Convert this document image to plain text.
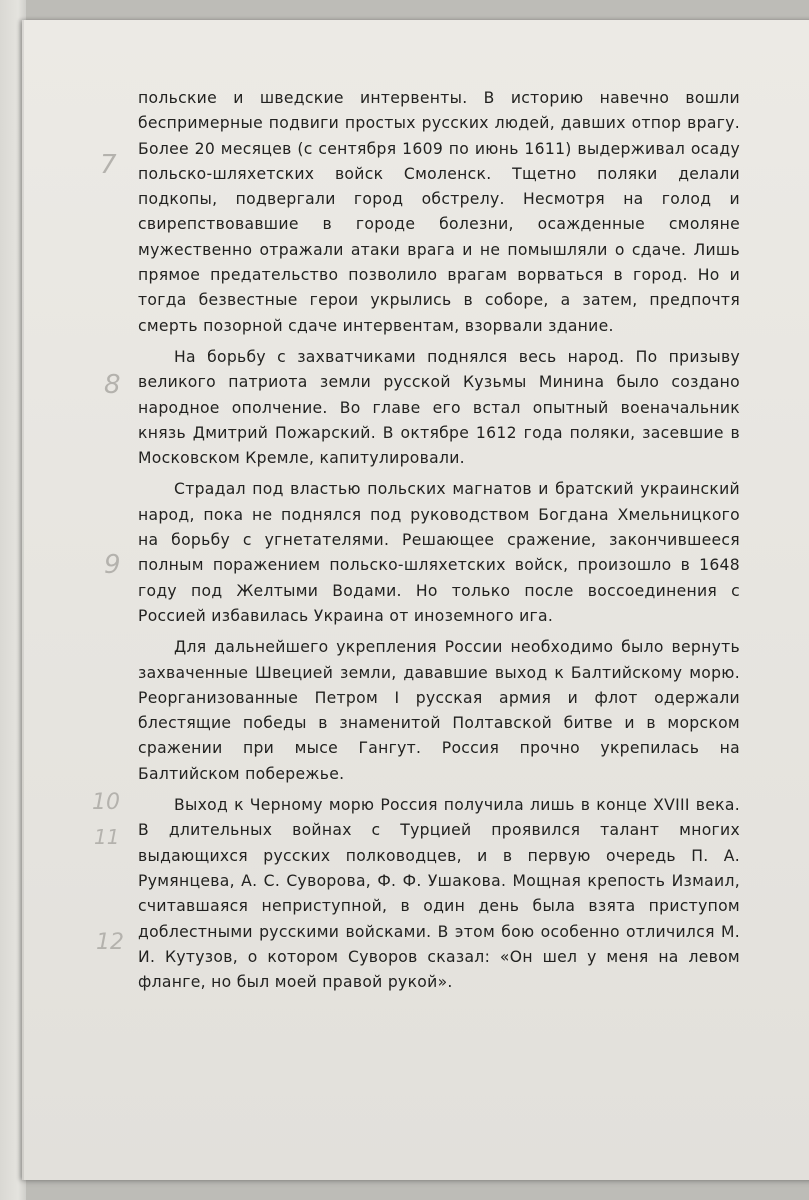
7
8
9
10
11
12

польские и шведские интервенты. В историю навечно вошли беспримерные подвиги простых русских людей, давших отпор врагу. Более 20 месяцев (с сентября 1609 по июнь 1611) выдерживал осаду польско-шляхетских войск Смоленск. Тщетно поляки делали подкопы, подвергали город обстрелу. Несмотря на голод и свирепствовавшие в городе болезни, осажденные смоляне мужественно отражали атаки врага и не помышляли о сдаче. Лишь прямое предательство позволило врагам ворваться в город. Но и тогда безвестные герои укрылись в соборе, а затем, предпочтя смерть позорной сдаче интервентам, взорвали здание.

На борьбу с захватчиками поднялся весь народ. По призыву великого патриота земли русской Кузьмы Минина было создано народное ополчение. Во главе его встал опытный военачальник князь Дмитрий Пожарский. В октябре 1612 года поляки, засевшие в Московском Кремле, капитулировали.

Страдал под властью польских магнатов и братский украинский народ, пока не поднялся под руководством Богдана Хмельницкого на борьбу с угнетателями. Решающее сражение, закончившееся полным поражением польско-шляхетских войск, произошло в 1648 году под Желтыми Водами. Но только после воссоединения с Россией избавилась Украина от иноземного ига.

Для дальнейшего укрепления России необходимо было вернуть захваченные Швецией земли, дававшие выход к Балтийскому морю. Реорганизованные Петром I русская армия и флот одержали блестящие победы в знаменитой Полтавской битве и в морском сражении при мысе Гангут. Россия прочно укрепилась на Балтийском побережье.

Выход к Черному морю Россия получила лишь в конце XVIII века. В длительных войнах с Турцией проявился талант многих выдающихся русских полководцев, и в первую очередь П. А. Румянцева, А. С. Суворова, Ф. Ф. Ушакова. Мощная крепость Измаил, считавшаяся неприступной, в один день была взята приступом доблестными русскими войсками. В этом бою особенно отличился М. И. Кутузов, о котором Суворов сказал: «Он шел у меня на левом фланге, но был моей правой рукой».
